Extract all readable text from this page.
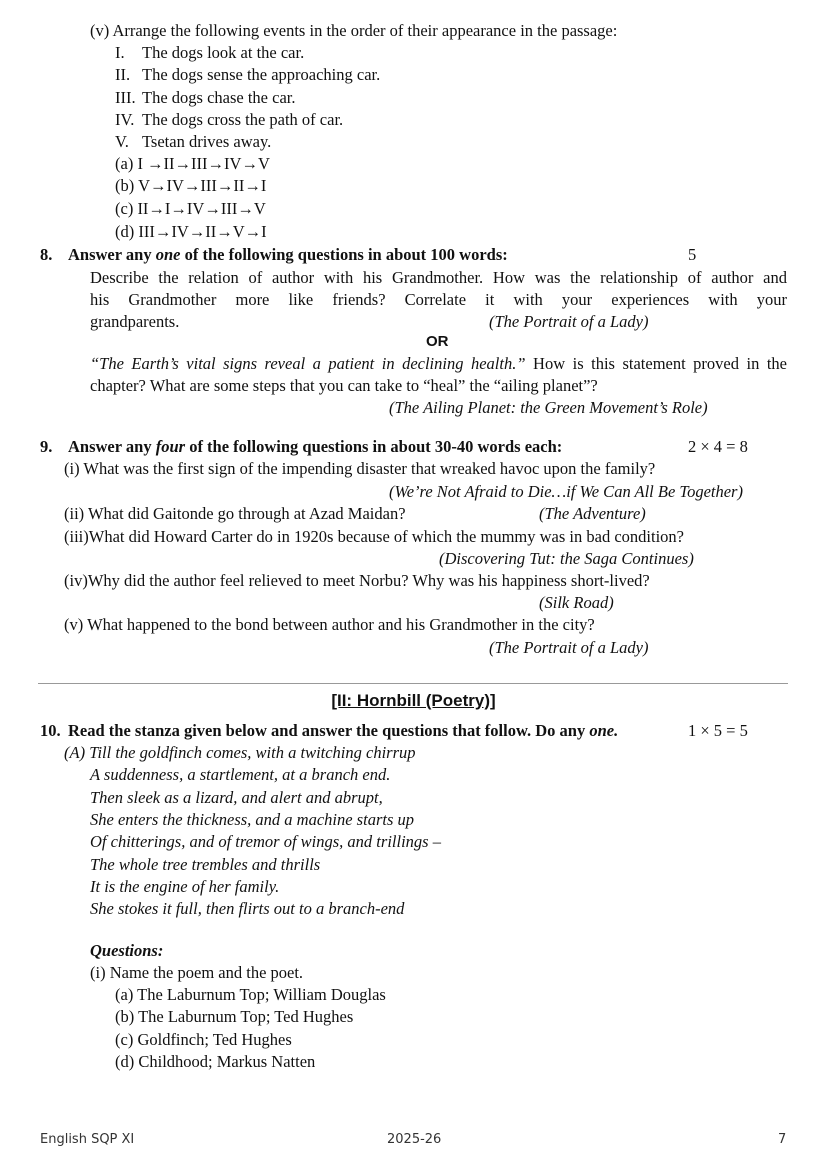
(v) Arrange the following events in the order of their appearance in the passage:
I. The dogs look at the car.
II. The dogs sense the approaching car.
III. The dogs chase the car.
IV. The dogs cross the path of car.
V. Tsetan drives away.
(a) I →II→III→IV→V
(b) V→IV→III→II→I
(c) II→I→IV→III→V
(d) III→IV→II→V→I
8. Answer any one of the following questions in about 100 words:	5
Describe the relation of author with his Grandmother. How was the relationship of author and
his Grandmother more like friends? Correlate it with your experiences with your
grandparents.	(The Portrait of a Lady)
OR
“The Earth’s vital signs reveal a patient in declining health.” How is this statement proved in the
chapter? What are some steps that you can take to “heal” the “ailing planet”?
(The Ailing Planet: the Green Movement’s Role)
9. Answer any four of the following questions in about 30-40 words each:	2 × 4 = 8
(i) What was the first sign of the impending disaster that wreaked havoc upon the family?
(We’re Not Afraid to Die…if We Can All Be Together)
(ii) What did Gaitonde go through at Azad Maidan?	(The Adventure)
(iii)What did Howard Carter do in 1920s because of which the mummy was in bad condition?
(Discovering Tut: the Saga Continues)
(iv)Why did the author feel relieved to meet Norbu? Why was his happiness short-lived?
(Silk Road)
(v) What happened to the bond between author and his Grandmother in the city?
(The Portrait of a Lady)
[II: Hornbill (Poetry)]
10. Read the stanza given below and answer the questions that follow. Do any one.	1 × 5 = 5
(A) Till the goldfinch comes, with a twitching chirrup
A suddenness, a startlement, at a branch end.
Then sleek as a lizard, and alert and abrupt,
She enters the thickness, and a machine starts up
Of chitterings, and of tremor of wings, and trillings –
The whole tree trembles and thrills
It is the engine of her family.
She stokes it full, then flirts out to a branch-end
Questions:
(i) Name the poem and the poet.
(a) The Laburnum Top; William Douglas
(b) The Laburnum Top; Ted Hughes
(c) Goldfinch; Ted Hughes
(d) Childhood; Markus Natten
English SQP XI	2025-26	7
